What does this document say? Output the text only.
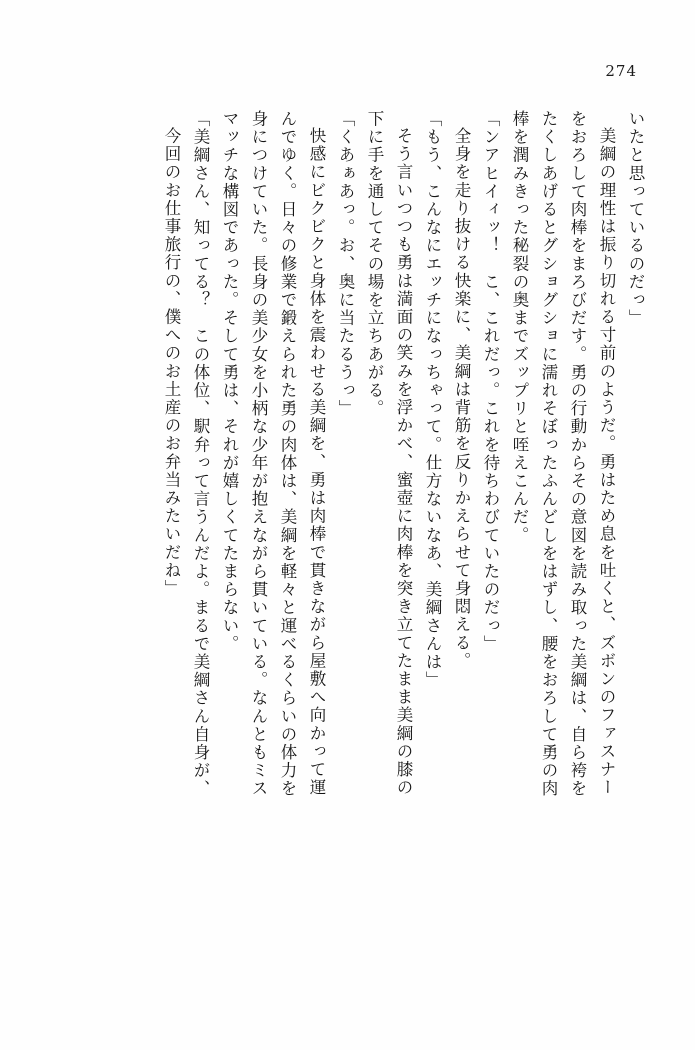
274
いたと思っているのだっ」
美綱の理性は振り切れる寸前のようだ。勇はため息を吐くと、ズボンのファスナー
をおろして肉棒をまろびだす。勇の行動からその意図を読み取った美綱は、自ら袴を
たくしあげるとグショグショに濡れそぼったふんどしをはずし、腰をおろして勇の肉
棒を潤みきった秘裂の奥までズップリと咥えこんだ。
「ンアヒイィッ！　こ、これだっ。これを待ちわびていたのだっ」
全身を走り抜ける快楽に、美綱は背筋を反りかえらせて身悶える。
「もう、こんなにエッチになっちゃって。仕方ないなあ、美綱さんは」
そう言いつつも勇は満面の笑みを浮かべ、蜜壺に肉棒を突き立てたまま美綱の膝の
下に手を通してその場を立ちあがる。
「くあぁあっ。お、奥に当たるうっ」
快感にビクビクと身体を震わせる美綱を、勇は肉棒で貫きながら屋敷へ向かって運
んでゆく。日々の修業で鍛えられた勇の肉体は、美綱を軽々と運べるくらいの体力を
身につけていた。長身の美少女を小柄な少年が抱えながら貫いている。なんともミス
マッチな構図であった。そして勇は、それが嬉しくてたまらない。
「美綱さん、知ってる？　この体位、駅弁って言うんだよ。まるで美綱さん自身が、
今回のお仕事旅行の、僕へのお土産のお弁当みたいだね」
